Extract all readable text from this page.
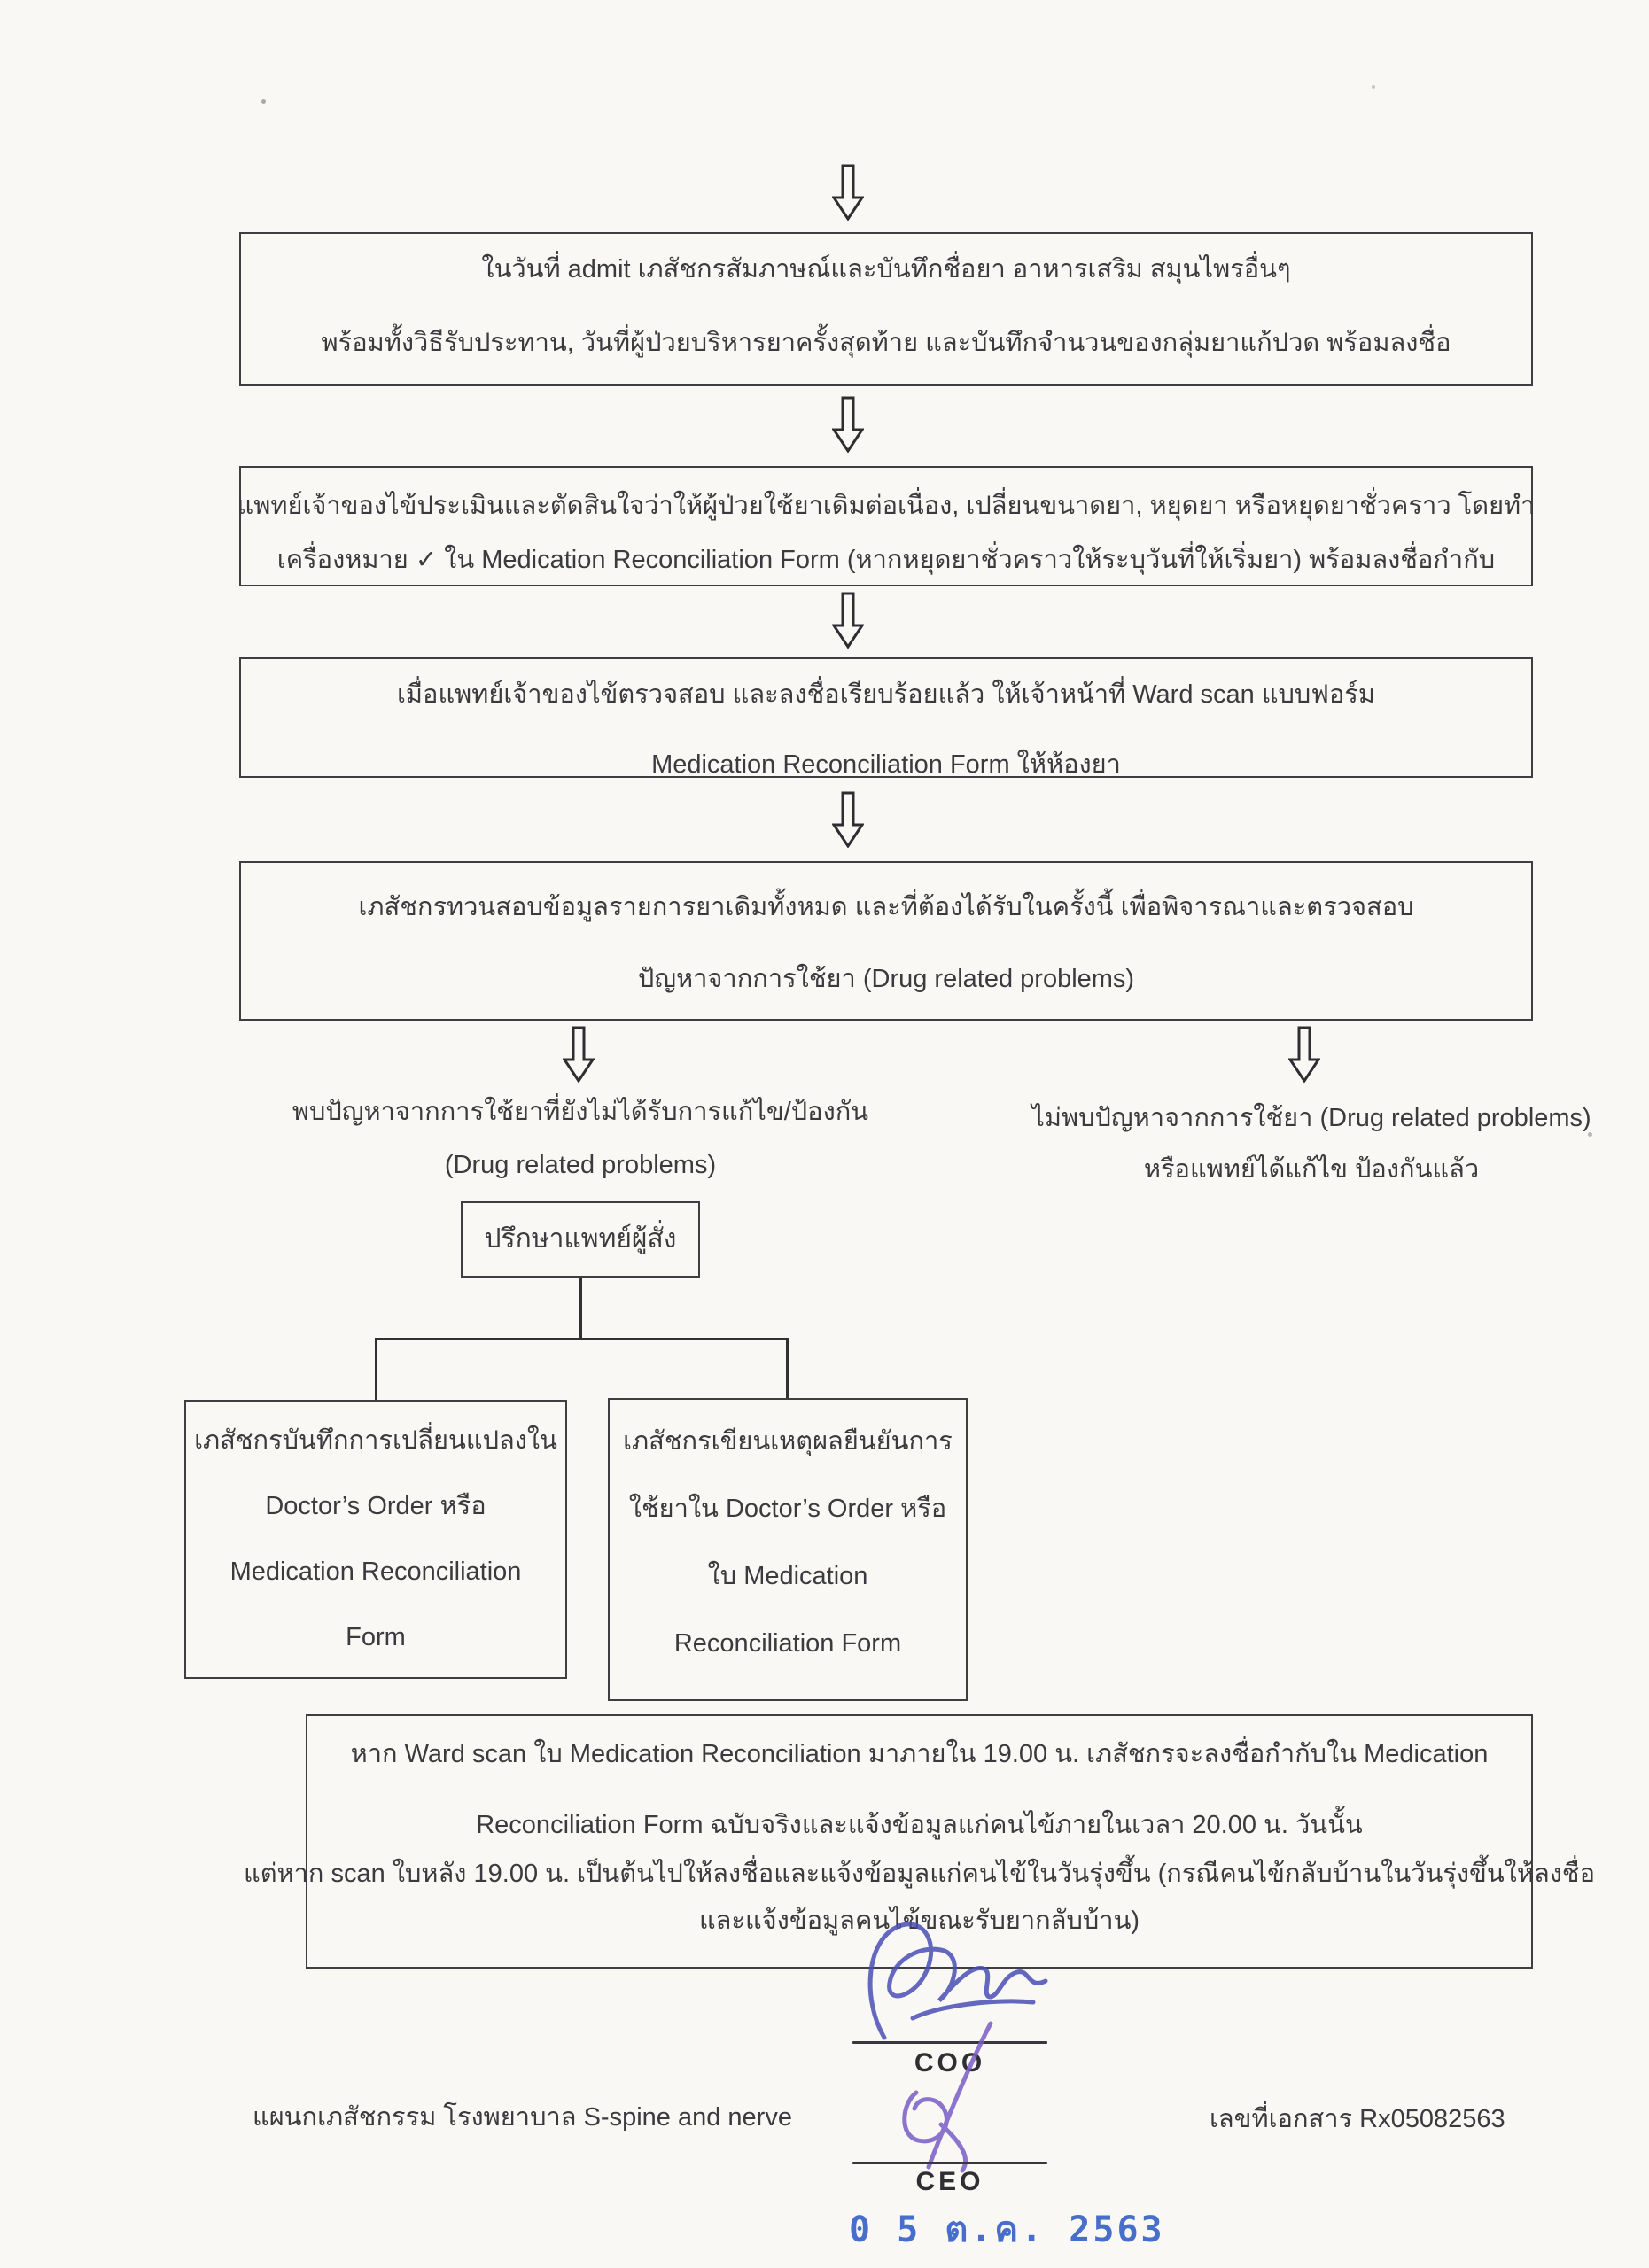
ในวันที่ admit เภสัชกรสัมภาษณ์และบันทึกชื่อยา อาหารเสริม สมุนไพรอื่นๆ
พร้อมทั้งวิธีรับประทาน, วันที่ผู้ป่วยบริหารยาครั้งสุดท้าย และบันทึกจำนวนของกลุ่มยาแก้ปวด พร้อมลงชื่อ
แพทย์เจ้าของไข้ประเมินและตัดสินใจว่าให้ผู้ป่วยใช้ยาเดิมต่อเนื่อง, เปลี่ยนขนาดยา, หยุดยา หรือหยุดยาชั่วคราว โดยทำ
เครื่องหมาย ✓ ใน Medication Reconciliation Form (หากหยุดยาชั่วคราวให้ระบุวันที่ให้เริ่มยา) พร้อมลงชื่อกำกับ
เมื่อแพทย์เจ้าของไข้ตรวจสอบ และลงชื่อเรียบร้อยแล้ว ให้เจ้าหน้าที่ Ward scan แบบฟอร์ม
Medication Reconciliation Form ให้ห้องยา
เภสัชกรทวนสอบข้อมูลรายการยาเดิมทั้งหมด และที่ต้องได้รับในครั้งนี้ เพื่อพิจารณาและตรวจสอบ
ปัญหาจากการใช้ยา (Drug related problems)
พบปัญหาจากการใช้ยาที่ยังไม่ได้รับการแก้ไข/ป้องกัน
(Drug related problems)
ไม่พบปัญหาจากการใช้ยา (Drug related problems)
หรือแพทย์ได้แก้ไข ป้องกันแล้ว
ปรึกษาแพทย์ผู้สั่ง
เภสัชกรบันทึกการเปลี่ยนแปลงใน
Doctor’s Order หรือ
Medication Reconciliation
Form
เภสัชกรเขียนเหตุผลยืนยันการ
ใช้ยาใน Doctor’s Order หรือ
ใบ Medication
Reconciliation Form
หาก Ward scan ใบ Medication Reconciliation มาภายใน 19.00 น. เภสัชกรจะลงชื่อกำกับใน Medication
Reconciliation Form ฉบับจริงและแจ้งข้อมูลแก่คนไข้ภายในเวลา 20.00 น. วันนั้น
แต่หาก scan ใบหลัง 19.00 น. เป็นต้นไปให้ลงชื่อและแจ้งข้อมูลแก่คนไข้ในวันรุ่งขึ้น (กรณีคนไข้กลับบ้านในวันรุ่งขึ้นให้ลงชื่อ
และแจ้งข้อมูลคนไข้ขณะรับยากลับบ้าน)
COO
CEO
0 5 ต.ค. 2563
แผนกเภสัชกรรม โรงพยาบาล S-spine and nerve	เลขที่เอกสาร Rx05082563
